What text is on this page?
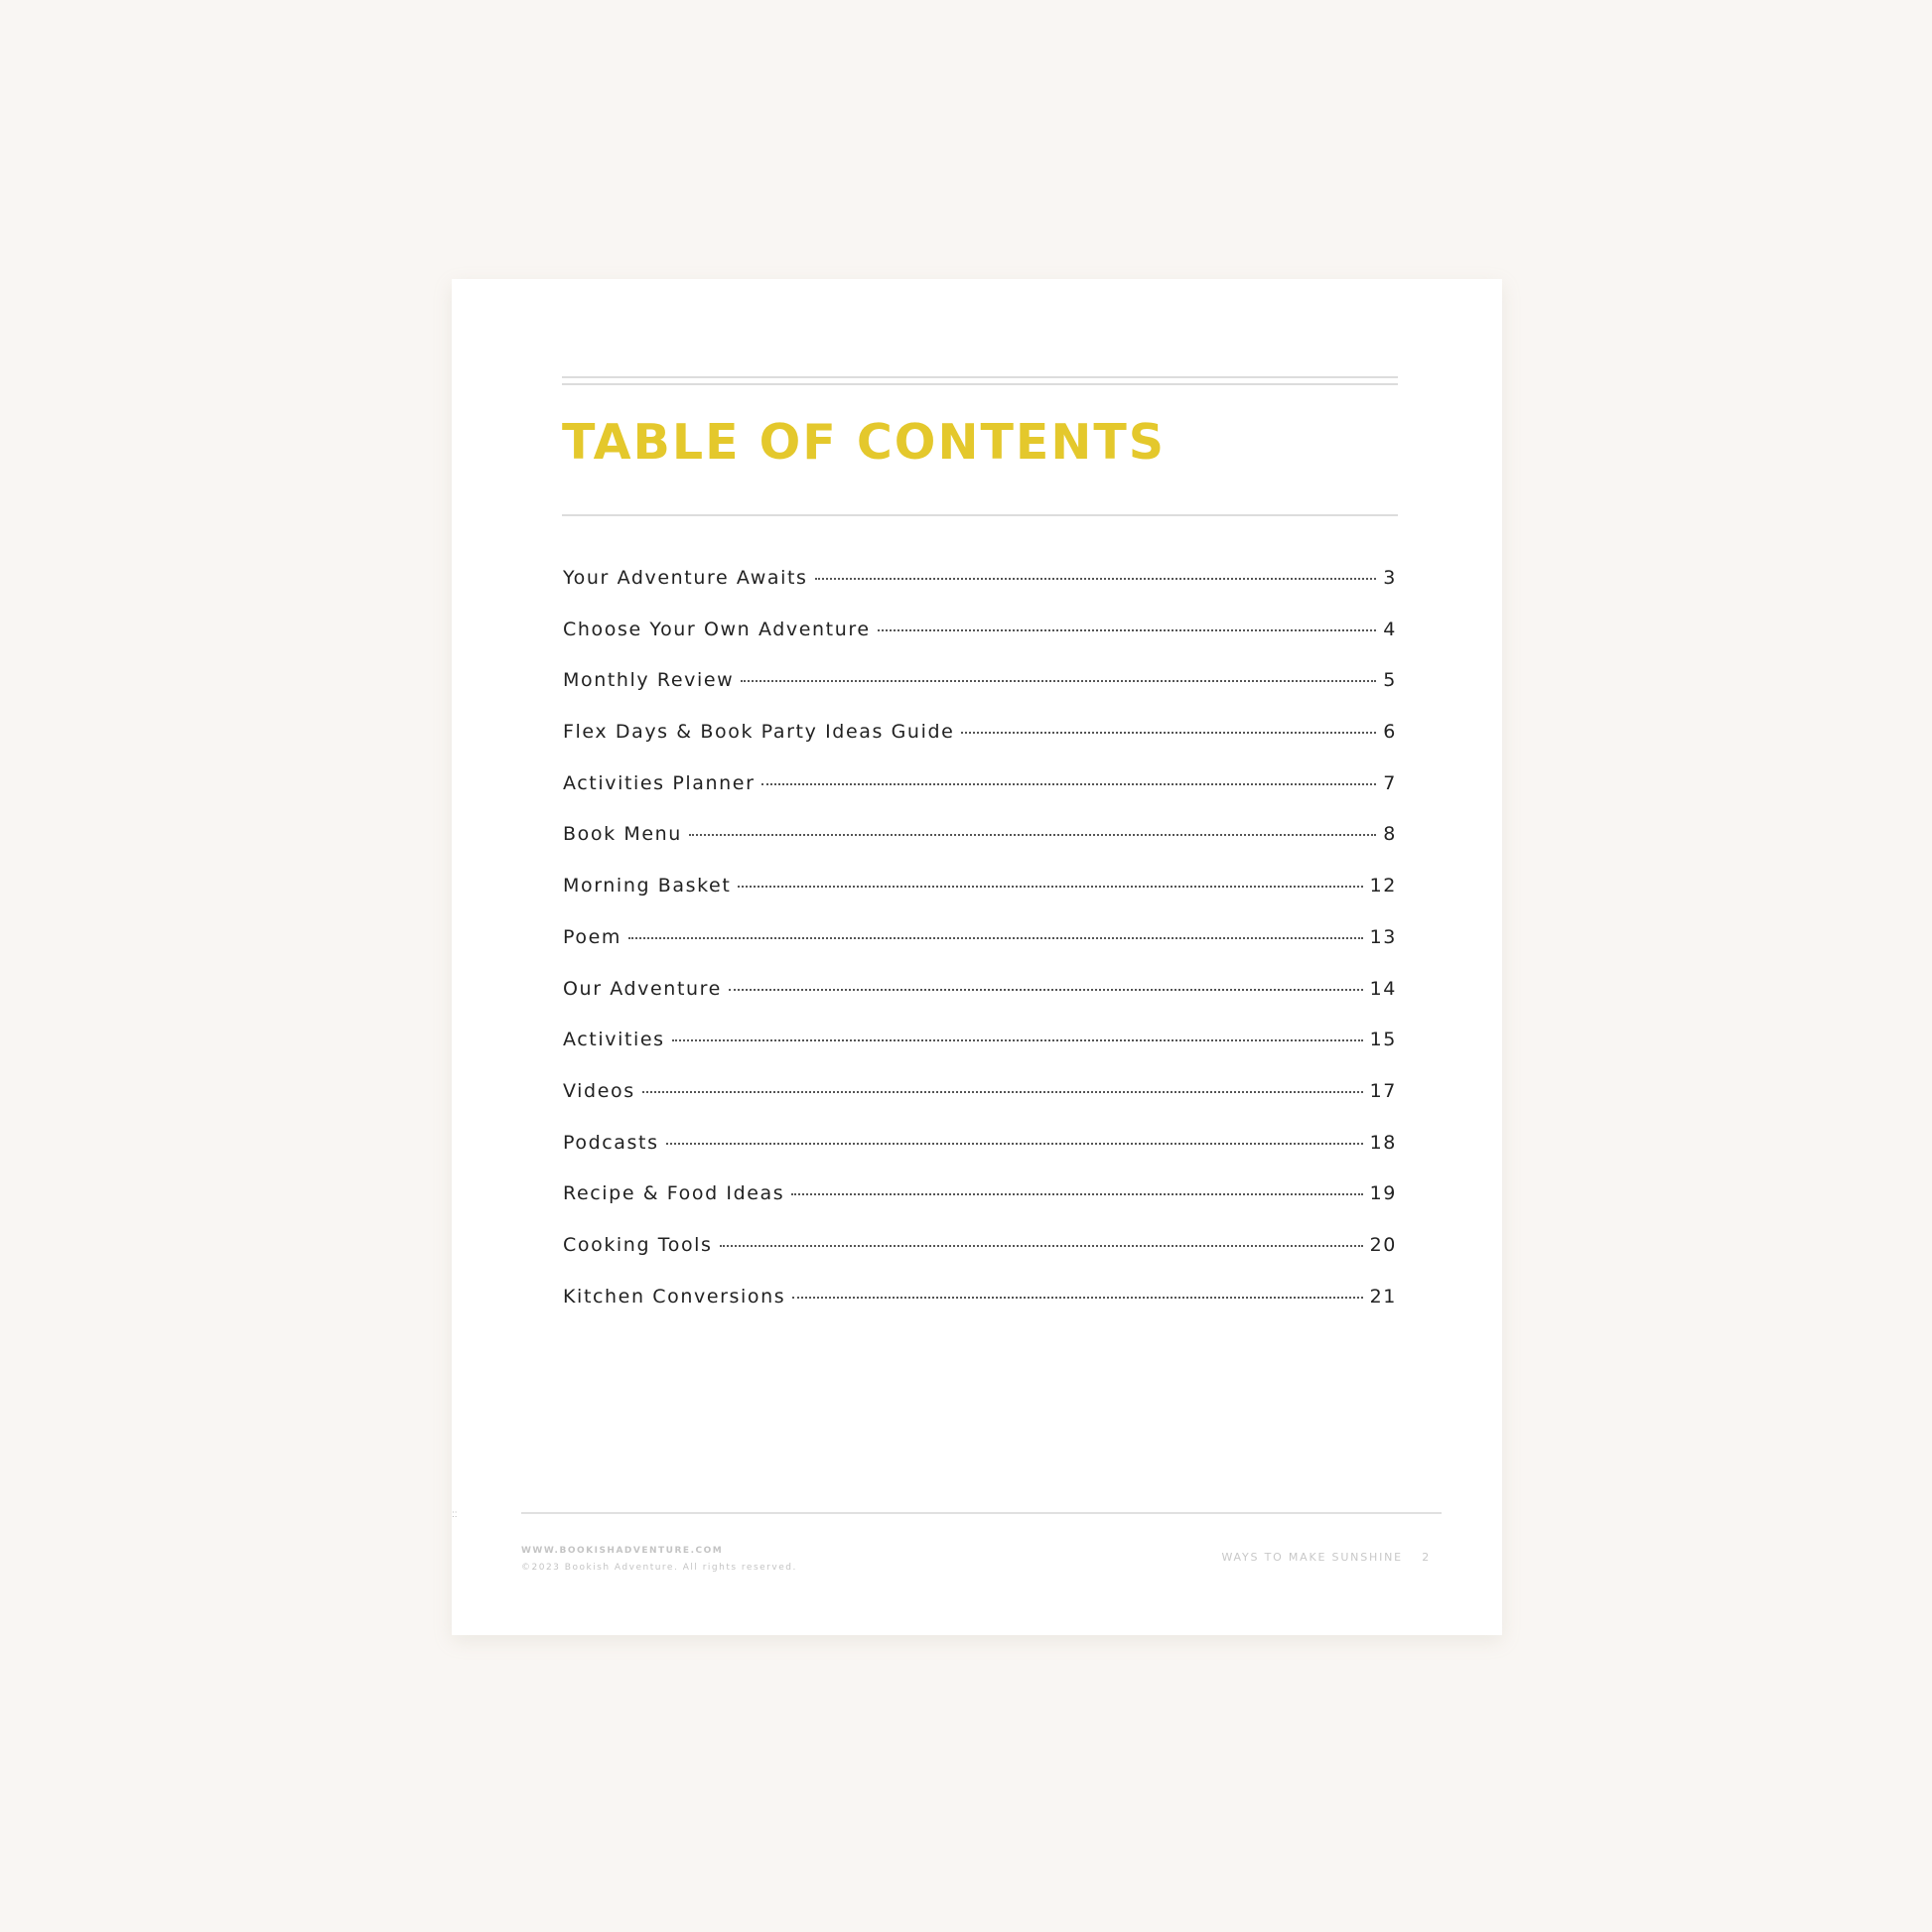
TABLE OF CONTENTS
Your Adventure Awaits	3
Choose Your Own Adventure	4
Monthly Review	5
Flex Days & Book Party Ideas Guide	6
Activities Planner	7
Book Menu	8
Morning Basket	12
Poem	13
Our Adventure	14
Activities	15
Videos	17
Podcasts	18
Recipe & Food Ideas	19
Cooking Tools	20
Kitchen Conversions	21
::
WWW.BOOKISHADVENTURE.COM
©2023 Bookish Adventure. All rights reserved.
WAYS TO MAKE SUNSHINE 2
